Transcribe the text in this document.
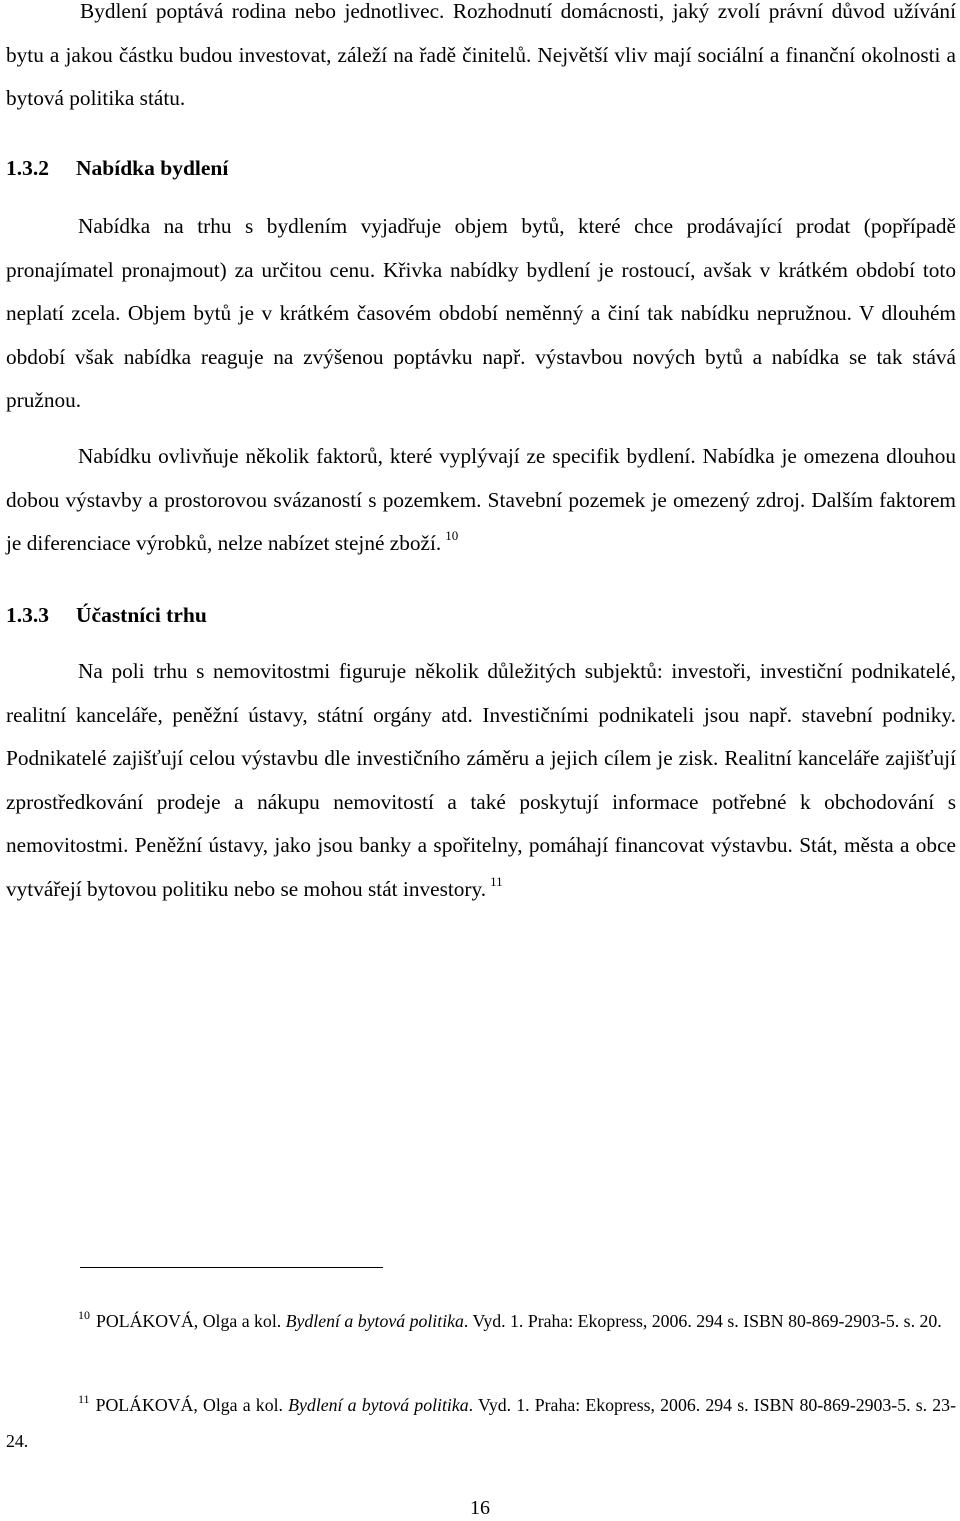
Bydlení poptává rodina nebo jednotlivec. Rozhodnutí domácnosti, jaký zvolí právní důvod užívání bytu a jakou částku budou investovat, záleží na řadě činitelů. Největší vliv mají sociální a finanční okolnosti a bytová politika státu.

1.3.2 Nabídka bydlení

Nabídka na trhu s bydlením vyjadřuje objem bytů, které chce prodávající prodat (popřípadě pronajímatel pronajmout) za určitou cenu. Křivka nabídky bydlení je rostoucí, avšak v krátkém období toto neplatí zcela. Objem bytů je v krátkém časovém období neměnný a činí tak nabídku nepružnou. V dlouhém období však nabídka reaguje na zvýšenou poptávku např. výstavbou nových bytů a nabídka se tak stává pružnou.

Nabídku ovlivňuje několik faktorů, které vyplývají ze specifik bydlení. Nabídka je omezena dlouhou dobou výstavby a prostorovou svázaností s pozemkem. Stavební pozemek je omezený zdroj. Dalším faktorem je diferenciace výrobků, nelze nabízet stejné zboží. $^{10}$

1.3.3 Účastníci trhu

Na poli trhu s nemovitostmi figuruje několik důležitých subjektů: investoři, investiční podnikatelé, realitní kanceláře, peněžní ústavy, státní orgány atd. Investičními podnikateli jsou např. stavební podniky. Podnikatelé zajišťují celou výstavbu dle investičního záměru a jejich cílem je zisk. Realitní kanceláře zajišťují zprostředkování prodeje a nákupu nemovitostí a také poskytují informace potřebné k obchodování s nemovitostmi. Peněžní ústavy, jako jsou banky a spořitelny, pomáhají financovat výstavbu. Stát, města a obce vytvářejí bytovou politiku nebo se mohou stát investory. $^{11}$

$^{10}$ POLÁKOVÁ, Olga a kol. Bydlení a bytová politika. Vyd. 1. Praha: Ekopress, 2006. 294 s. ISBN 80-869-2903-5. s. 20.

$^{11}$ POLÁKOVÁ, Olga a kol. Bydlení a bytová politika. Vyd. 1. Praha: Ekopress, 2006. 294 s. ISBN 80-869-2903-5. s. 23-24.

16
